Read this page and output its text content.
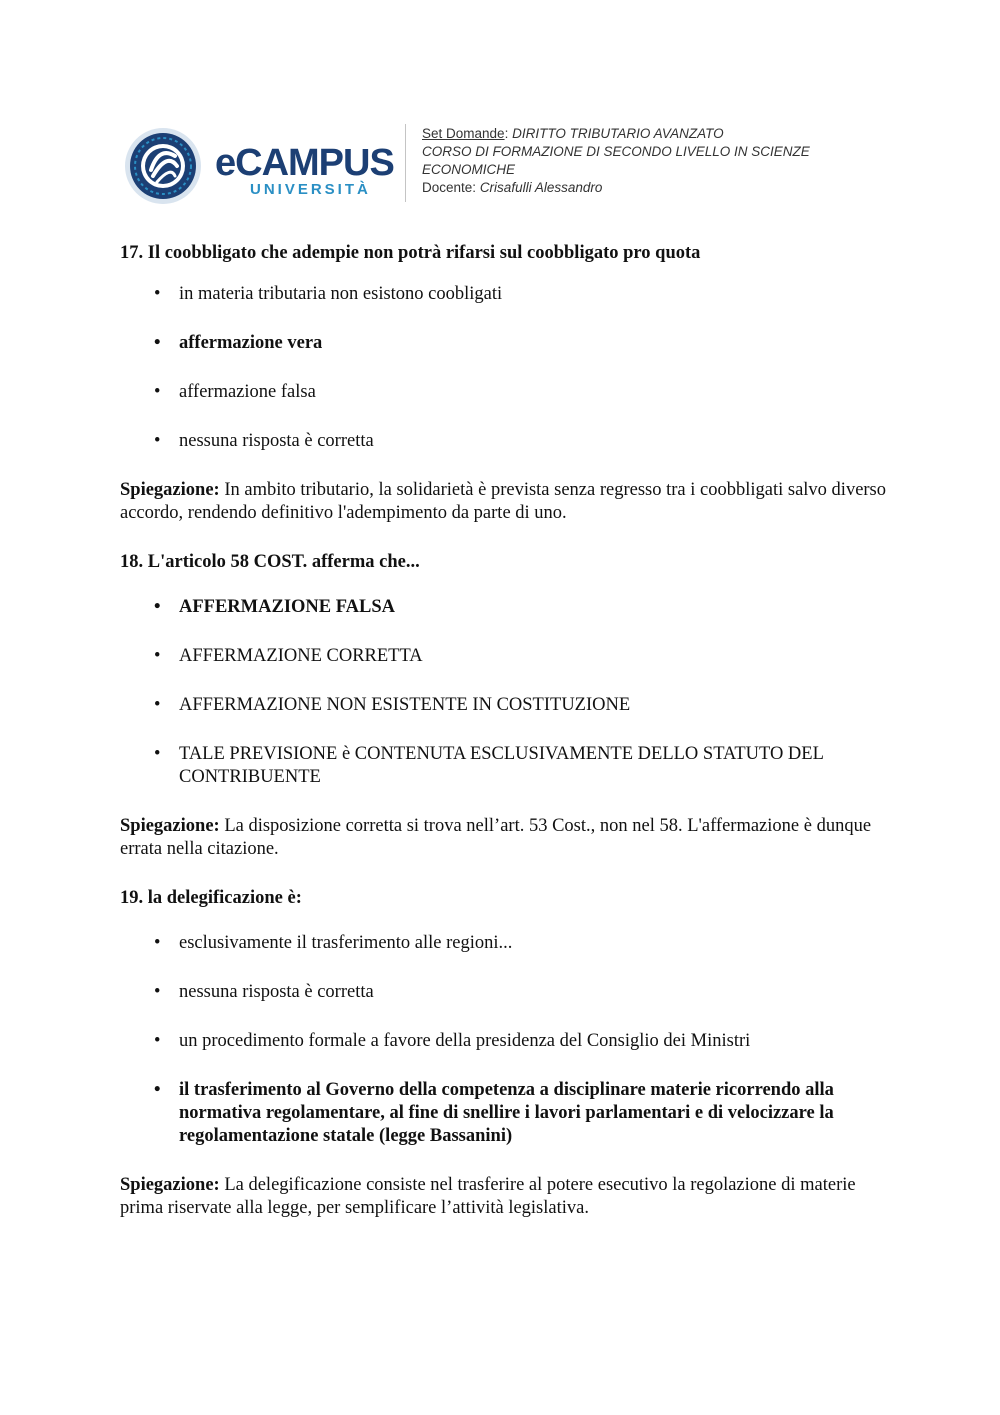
eCAMPUS
UNIVERSITÀ
Set Domande: DIRITTO TRIBUTARIO AVANZATO
CORSO DI FORMAZIONE DI SECONDO LIVELLO IN SCIENZE ECONOMICHE
Docente: Crisafulli Alessandro

17. Il coobbligato che adempie non potrà rifarsi sul coobbligato pro quota

• in materia tributaria non esistono coobligati
• affermazione vera
• affermazione falsa
• nessuna risposta è corretta

Spiegazione: In ambito tributario, la solidarietà è prevista senza regresso tra i coobbligati salvo diverso accordo, rendendo definitivo l'adempimento da parte di uno.

18. L'articolo 58 COST. afferma che...

• AFFERMAZIONE FALSA
• AFFERMAZIONE CORRETTA
• AFFERMAZIONE NON ESISTENTE IN COSTITUZIONE
• TALE PREVISIONE è CONTENUTA ESCLUSIVAMENTE DELLO STATUTO DEL CONTRIBUENTE

Spiegazione: La disposizione corretta si trova nell’art. 53 Cost., non nel 58. L'affermazione è dunque errata nella citazione.

19. la delegificazione è:

• esclusivamente il trasferimento alle regioni...
• nessuna risposta è corretta
• un procedimento formale a favore della presidenza del Consiglio dei Ministri
• il trasferimento al Governo della competenza a disciplinare materie ricorrendo alla normativa regolamentare, al fine di snellire i lavori parlamentari e di velocizzare la regolamentazione statale (legge Bassanini)

Spiegazione: La delegificazione consiste nel trasferire al potere esecutivo la regolazione di materie prima riservate alla legge, per semplificare l’attività legislativa.
